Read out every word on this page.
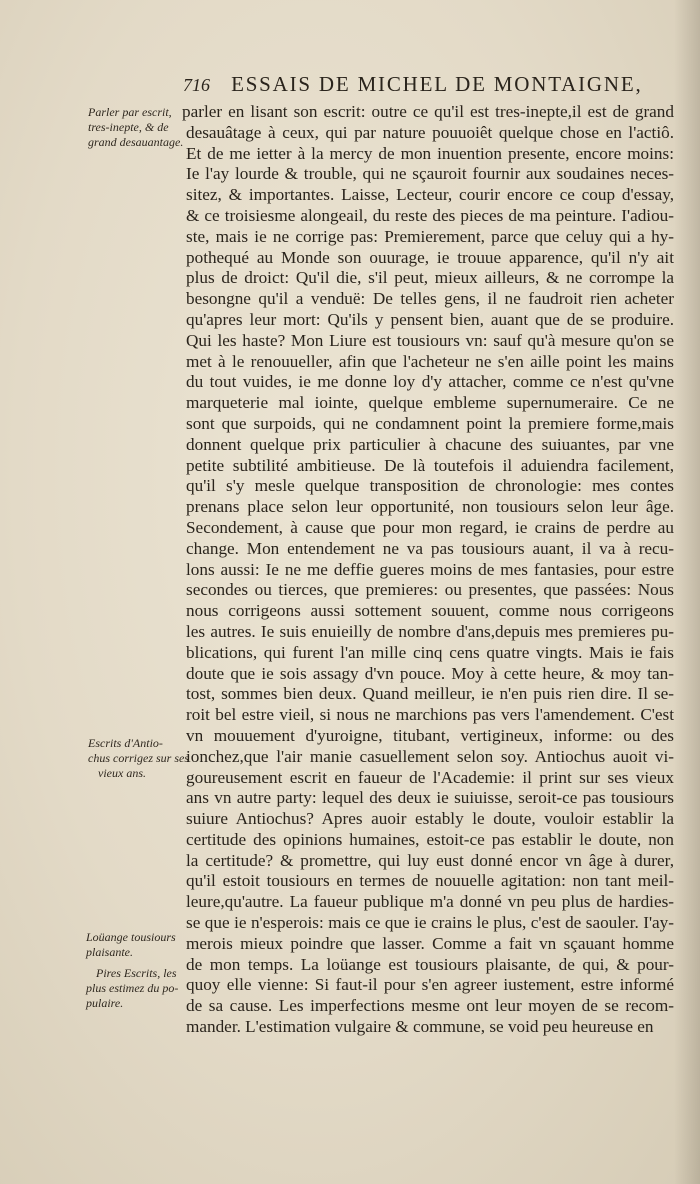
716 ESSAIS DE MICHEL DE MONTAIGNE,
Parler par escrit,
tres-inepte, & de
grand desauantage.
Escrits d'Antio-
chus corrigez sur ses
vieux ans.
Loüange tousiours
plaisante.
Pires Escrits, les
plus estimez du po-
pulaire.
parler en lisant son escrit: outre ce qu'il est tres-inepte,il est de grand
desauâtage à ceux, qui par nature pouuoiêt quelque chose en l'actiô.
Et de me ietter à la mercy de mon inuention presente, encore moins:
Ie l'ay lourde & trouble, qui ne sçauroit fournir aux soudaines neces-
sitez, & importantes. Laisse, Lecteur, courir encore ce coup d'essay,
& ce troisiesme alongeail, du reste des pieces de ma peinture. I'adiou-
ste, mais ie ne corrige pas: Premierement, parce que celuy qui a hy-
pothequé au Monde son ouurage, ie trouue apparence, qu'il n'y ait
plus de droict: Qu'il die, s'il peut, mieux ailleurs, & ne corrompe la
besongne qu'il a venduë: De telles gens, il ne faudroit rien acheter
qu'apres leur mort: Qu'ils y pensent bien, auant que de se produire.
Qui les haste? Mon Liure est tousiours vn: sauf qu'à mesure qu'on se
met à le renouueller, afin que l'acheteur ne s'en aille point les mains
du tout vuides, ie me donne loy d'y attacher, comme ce n'est qu'vne
marqueterie mal iointe, quelque embleme supernumeraire. Ce ne
sont que surpoids, qui ne condamnent point la premiere forme,mais
donnent quelque prix particulier à chacune des suiuantes, par vne
petite subtilité ambitieuse. De là toutefois il aduiendra facilement,
qu'il s'y mesle quelque transposition de chronologie: mes contes
prenans place selon leur opportunité, non tousiours selon leur âge.
Secondement, à cause que pour mon regard, ie crains de perdre au
change. Mon entendement ne va pas tousiours auant, il va à recu-
lons aussi: Ie ne me deffie gueres moins de mes fantasies, pour estre
secondes ou tierces, que premieres: ou presentes, que passées: Nous
nous corrigeons aussi sottement souuent, comme nous corrigeons
les autres. Ie suis enuieilly de nombre d'ans,depuis mes premieres pu-
blications, qui furent l'an mille cinq cens quatre vingts. Mais ie fais
doute que ie sois assagy d'vn pouce. Moy à cette heure, & moy tan-
tost, sommes bien deux. Quand meilleur, ie n'en puis rien dire. Il se-
roit bel estre vieil, si nous ne marchions pas vers l'amendement. C'est
vn mouuement d'yuroigne, titubant, vertigineux, informe: ou des
ionchez,que l'air manie casuellement selon soy. Antiochus auoit vi-
goureusement escrit en faueur de l'Academie: il print sur ses vieux
ans vn autre party: lequel des deux ie suiuisse, seroit-ce pas tousiours
suiure Antiochus? Apres auoir estably le doute, vouloir establir la
certitude des opinions humaines, estoit-ce pas establir le doute, non
la certitude? & promettre, qui luy eust donné encor vn âge à durer,
qu'il estoit tousiours en termes de nouuelle agitation: non tant meil-
leure,qu'autre. La faueur publique m'a donné vn peu plus de hardies-
se que ie n'esperois: mais ce que ie crains le plus, c'est de saouler. I'ay-
merois mieux poindre que lasser. Comme a fait vn sçauant homme
de mon temps. La loüange est tousiours plaisante, de qui, & pour-
quoy elle vienne: Si faut-il pour s'en agreer iustement, estre informé
de sa cause. Les imperfections mesme ont leur moyen de se recom-
mander. L'estimation vulgaire & commune, se void peu heureuse en
